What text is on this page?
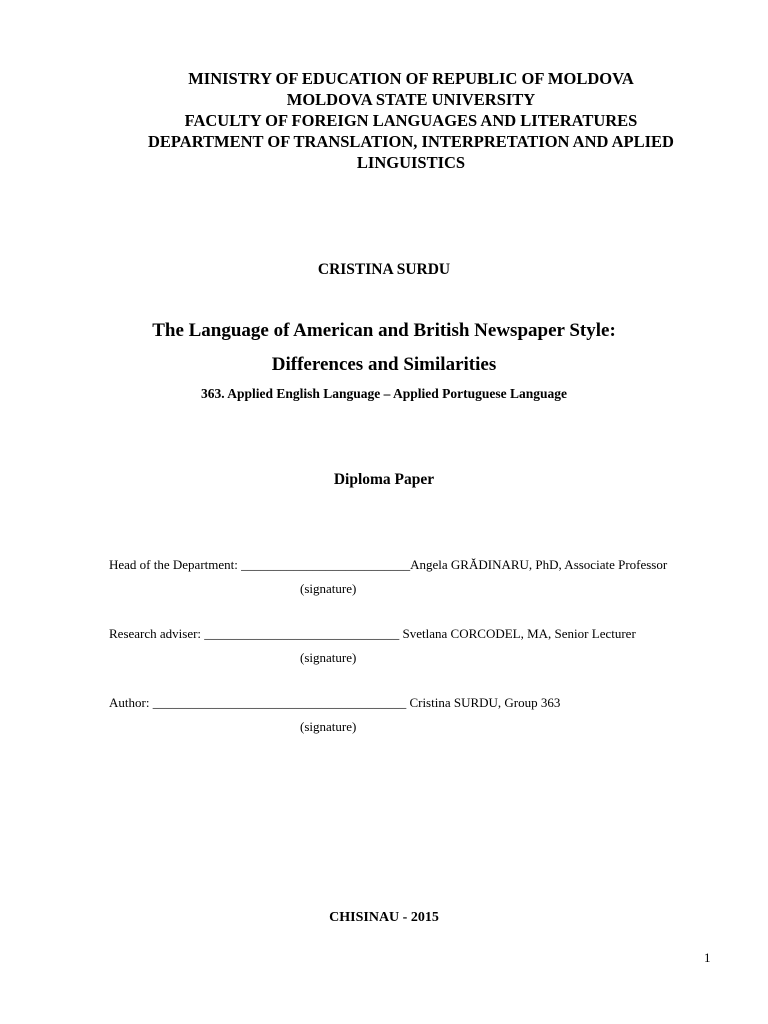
MINISTRY OF EDUCATION OF REPUBLIC OF MOLDOVA
MOLDOVA STATE UNIVERSITY
FACULTY OF FOREIGN LANGUAGES AND LITERATURES
DEPARTMENT OF TRANSLATION, INTERPRETATION AND APLIED
LINGUISTICS
CRISTINA SURDU
The Language of American and British Newspaper Style:
Differences and Similarities
363. Applied English Language – Applied Portuguese Language
Diploma Paper
Head of the Department: __________________________Angela GRĂDINARU, PhD, Associate Professor
(signature)
Research adviser: ______________________________ Svetlana CORCODEL, MA, Senior Lecturer
(signature)
Author: _______________________________________ Cristina SURDU, Group 363
(signature)
CHISINAU - 2015
1
